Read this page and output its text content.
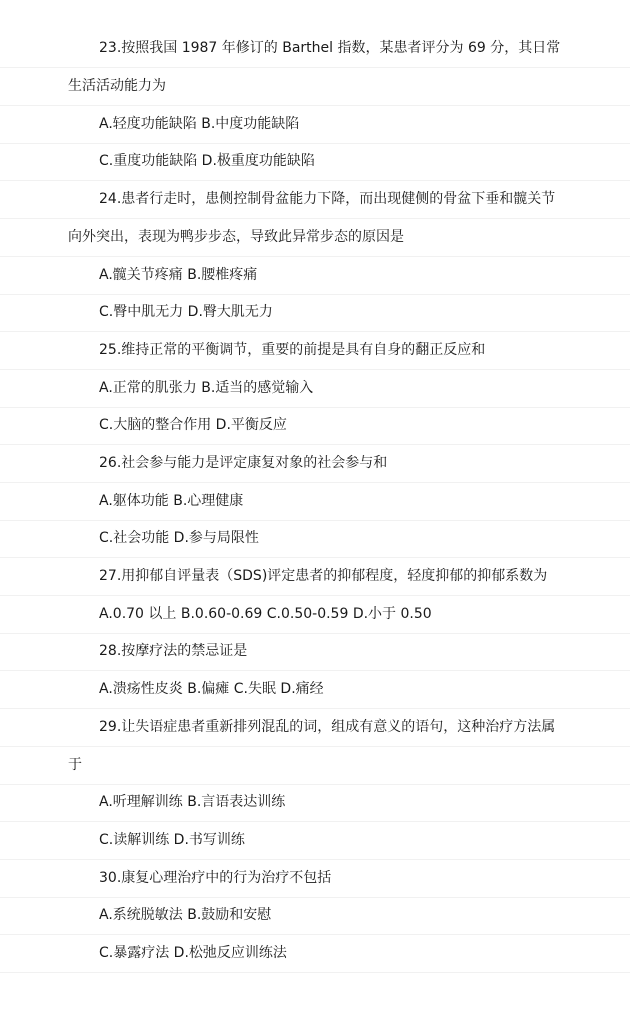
23.按照我国 1987 年修订的 Barthel 指数，某患者评分为 69 分，其日常
生活活动能力为
A.轻度功能缺陷 B.中度功能缺陷
C.重度功能缺陷 D.极重度功能缺陷
24.患者行走时，患侧控制骨盆能力下降，而出现健侧的骨盆下垂和髋关节
向外突出，表现为鸭步步态，导致此异常步态的原因是
A.髋关节疼痛 B.腰椎疼痛
C.臀中肌无力 D.臀大肌无力
25.维持正常的平衡调节，重要的前提是具有自身的翻正反应和
A.正常的肌张力 B.适当的感觉输入
C.大脑的整合作用 D.平衡反应
26.社会参与能力是评定康复对象的社会参与和
A.躯体功能 B.心理健康
C.社会功能 D.参与局限性
27.用抑郁自评量表（SDS)评定患者的抑郁程度，轻度抑郁的抑郁系数为
A.0.70 以上 B.0.60-0.69 C.0.50-0.59 D.小于 0.50
28.按摩疗法的禁忌证是
A.溃疡性皮炎 B.偏瘫 C.失眠 D.痛经
29.让失语症患者重新排列混乱的词，组成有意义的语句，这种治疗方法属
于
A.听理解训练 B.言语表达训练
C.读解训练 D.书写训练
30.康复心理治疗中的行为治疗不包括
A.系统脱敏法 B.鼓励和安慰
C.暴露疗法 D.松弛反应训练法
